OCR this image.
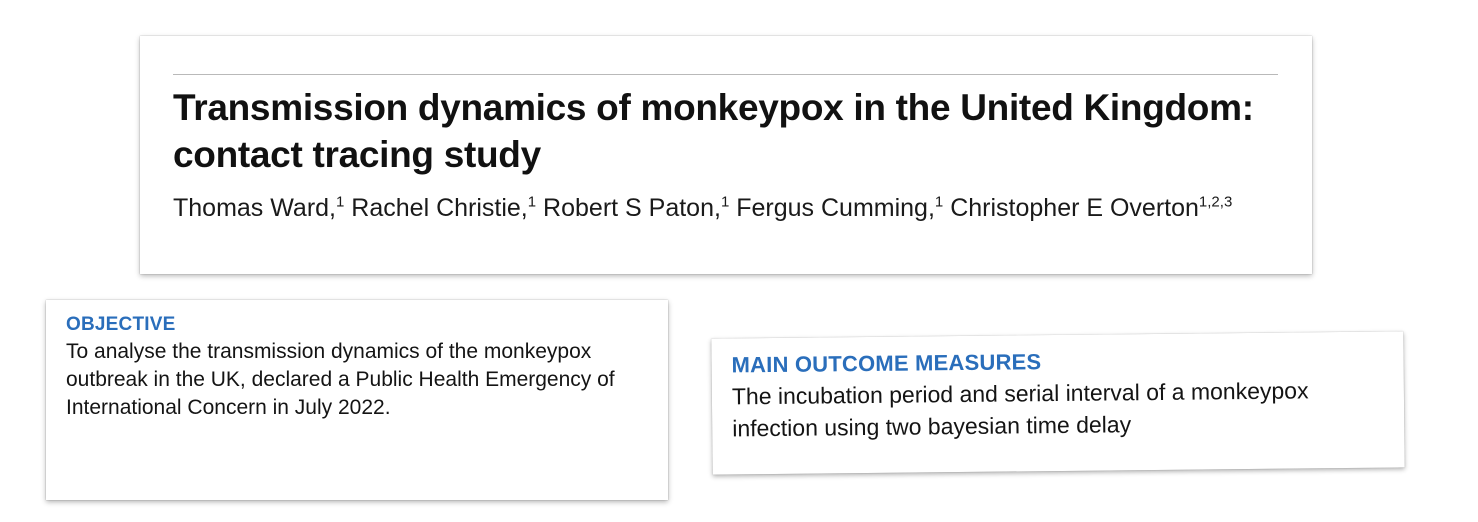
Transmission dynamics of monkeypox in the United Kingdom: contact tracing study
Thomas Ward,$^1$ Rachel Christie,$^1$ Robert S Paton,$^1$ Fergus Cumming,$^1$ Christopher E Overton$^{1,2,3}$

OBJECTIVE

To analyse the transmission dynamics of the monkeypox outbreak in the UK, declared a Public Health Emergency of International Concern in July 2022.

MAIN OUTCOME MEASURES

The incubation period and serial interval of a monkeypox infection using two bayesian time delay
